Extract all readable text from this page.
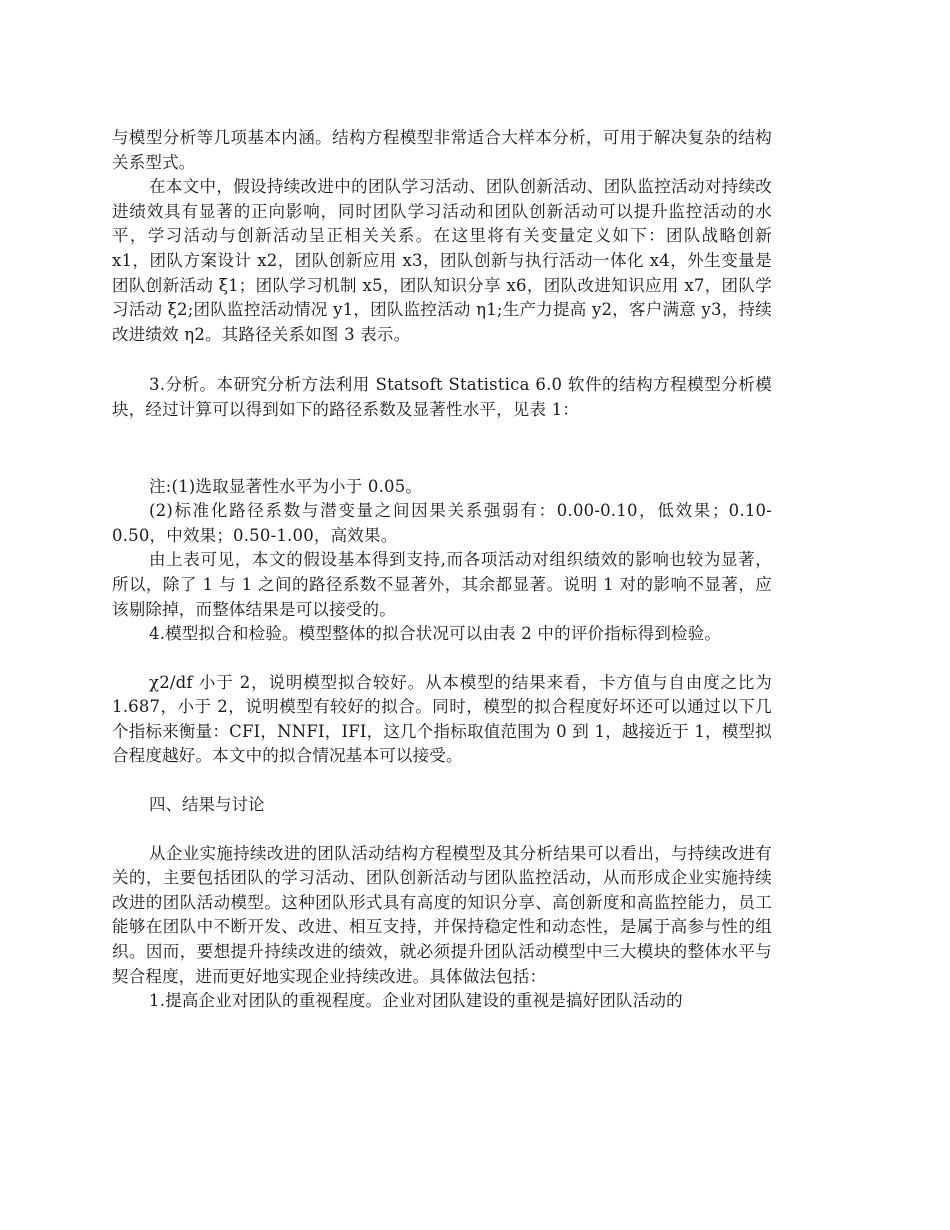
与模型分析等几项基本内涵。结构方程模型非常适合大样本分析，可用于解决复杂的结构关系型式。

在本文中，假设持续改进中的团队学习活动、团队创新活动、团队监控活动对持续改进绩效具有显著的正向影响，同时团队学习活动和团队创新活动可以提升监控活动的水平，学习活动与创新活动呈正相关关系。在这里将有关变量定义如下：团队战略创新 x1，团队方案设计 x2，团队创新应用 x3，团队创新与执行活动一体化 x4，外生变量是团队创新活动 ξ1；团队学习机制 x5，团队知识分享 x6，团队改进知识应用 x7，团队学习活动 ξ2;团队监控活动情况 y1，团队监控活动 η1;生产力提高 y2，客户满意 y3，持续改进绩效 η2。其路径关系如图 3 表示。

3.分析。本研究分析方法利用 Statsoft Statistica 6.0 软件的结构方程模型分析模块，经过计算可以得到如下的路径系数及显著性水平，见表 1：

注:(1)选取显著性水平为小于 0.05。

(2)标准化路径系数与潜变量之间因果关系强弱有：0.00-0.10，低效果；0.10-0.50，中效果；0.50-1.00，高效果。

由上表可见，本文的假设基本得到支持,而各项活动对组织绩效的影响也较为显著，所以，除了 1 与 1 之间的路径系数不显著外，其余都显著。说明 1 对的影响不显著，应该剔除掉，而整体结果是可以接受的。

4.模型拟合和检验。模型整体的拟合状况可以由表 2 中的评价指标得到检验。

χ2/df 小于 2，说明模型拟合较好。从本模型的结果来看，卡方值与自由度之比为 1.687，小于 2，说明模型有较好的拟合。同时，模型的拟合程度好坏还可以通过以下几个指标来衡量：CFI，NNFI，IFI，这几个指标取值范围为 0 到 1，越接近于 1，模型拟合程度越好。本文中的拟合情况基本可以接受。

四、结果与讨论

从企业实施持续改进的团队活动结构方程模型及其分析结果可以看出，与持续改进有关的，主要包括团队的学习活动、团队创新活动与团队监控活动，从而形成企业实施持续改进的团队活动模型。这种团队形式具有高度的知识分享、高创新度和高监控能力，员工能够在团队中不断开发、改进、相互支持，并保持稳定性和动态性，是属于高参与性的组织。因而，要想提升持续改进的绩效，就必须提升团队活动模型中三大模块的整体水平与契合程度，进而更好地实现企业持续改进。具体做法包括：

1.提高企业对团队的重视程度。企业对团队建设的重视是搞好团队活动的
